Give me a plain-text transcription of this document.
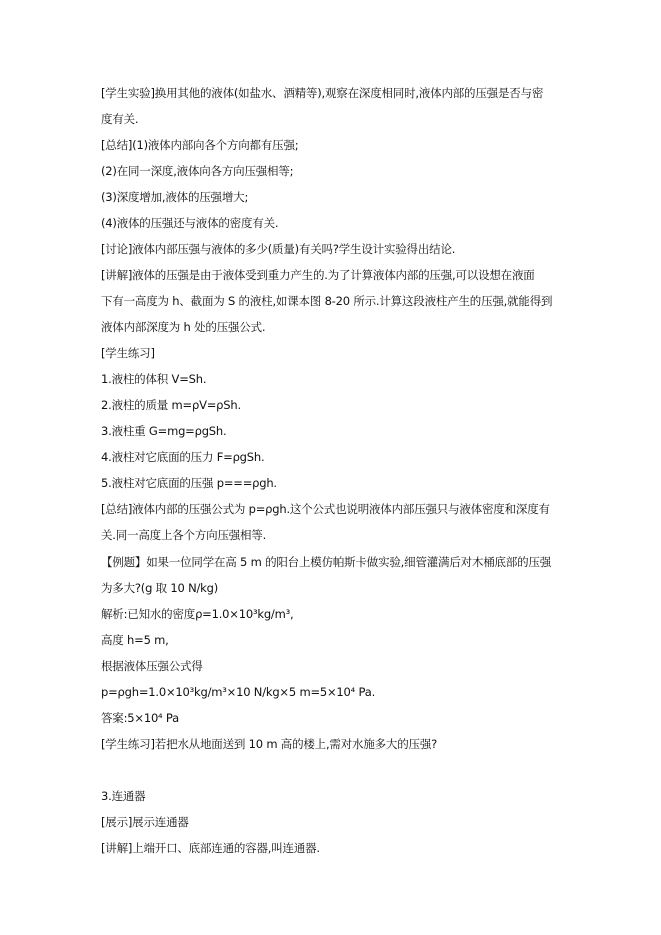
[学生实验]换用其他的液体(如盐水、酒精等),观察在深度相同时,液体内部的压强是否与密
度有关.
[总结](1)液体内部向各个方向都有压强;
(2)在同一深度,液体向各方向压强相等;
(3)深度增加,液体的压强增大;
(4)液体的压强还与液体的密度有关.
[讨论]液体内部压强与液体的多少(质量)有关吗?学生设计实验得出结论.
[讲解]液体的压强是由于液体受到重力产生的.为了计算液体内部的压强,可以设想在液面
下有一高度为 h、截面为 S 的液柱,如课本图 8-20 所示.计算这段液柱产生的压强,就能得到
液体内部深度为 h 处的压强公式.
[学生练习]
1.液柱的体积 V=Sh.
2.液柱的质量 m=ρV=ρSh.
3.液柱重 G=mg=ρgSh.
4.液柱对它底面的压力 F=ρgSh.
5.液柱对它底面的压强 p===ρgh.
[总结]液体内部的压强公式为 p=ρgh.这个公式也说明液体内部压强只与液体密度和深度有
关.同一高度上各个方向压强相等.
【例题】如果一位同学在高 5 m 的阳台上模仿帕斯卡做实验,细管灌满后对木桶底部的压强
为多大?(g 取 10 N/kg)
解析:已知水的密度ρ=1.0×10³kg/m³,
高度 h=5 m,
根据液体压强公式得
p=ρgh=1.0×10³kg/m³×10 N/kg×5 m=5×10⁴ Pa.
答案:5×10⁴ Pa
[学生练习]若把水从地面送到 10 m 高的楼上,需对水施多大的压强?
3.连通器
[展示]展示连通器
[讲解]上端开口、底部连通的容器,叫连通器.
